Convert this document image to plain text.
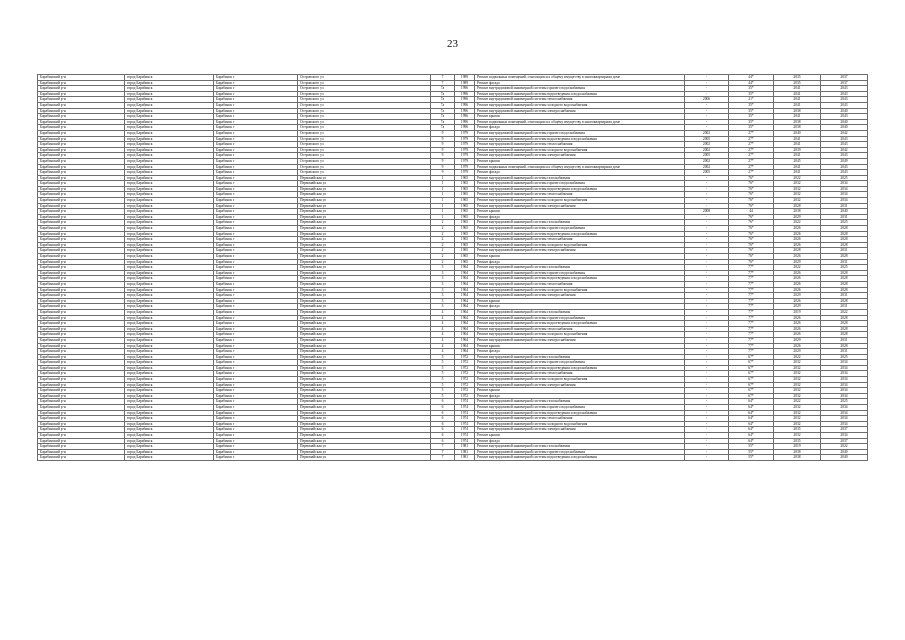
23
Барабинский р-н	город Барабинск	Барабинск г	Островского ул	7	1989	Ремонт подвальных помещений, относящихся к общему имуществу в многоквартирном доме	-	44*	2035	2037
Барабинский р-н	город Барабинск	Барабинск г	Островского ул	7	1989	Ремонт фасада	-	44*	2035	2037
Барабинский р-н	город Барабинск	Барабинск г	Островского ул	7а	1996	Ремонт внутридомовой инженерной системы горячего водоснабжения	-	35*	2041	2043
Барабинский р-н	город Барабинск	Барабинск г	Островского ул	7а	1996	Ремонт внутридомовой инженерной системы водоотведения и водоснабжения	-	35*	2041	2043
Барабинский р-н	город Барабинск	Барабинск г	Островского ул	7а	1996	Ремонт внутридомовой инженерной системы теплоснабжения	2006	21*	2041	2043
Барабинский р-н	город Барабинск	Барабинск г	Островского ул	7а	1996	Ремонт внутридомовой инженерной системы холодного водоснабжения	-	35*	2041	2043
Барабинский р-н	город Барабинск	Барабинск г	Островского ул	7а	1996	Ремонт внутридомовой инженерной системы электроснабжения	-	35*	2038	2040
Барабинский р-н	город Барабинск	Барабинск г	Островского ул	7а	1996	Ремонт крыши	-	35*	2041	2043
Барабинский р-н	город Барабинск	Барабинск г	Островского ул	7а	1996	Ремонт подвальных помещений, относящихся к общему имуществу в многоквартирном доме	-	35*	2038	2040
Барабинский р-н	город Барабинск	Барабинск г	Островского ул	7а	1996	Ремонт фасада	-	35*	2038	2040
Барабинский р-н	город Барабинск	Барабинск г	Островского ул	9	1979	Ремонт внутридомовой инженерной системы горячего водоснабжения	2002	27*	2040	2042
Барабинский р-н	город Барабинск	Барабинск г	Островского ул	9	1979	Ремонт внутридомовой инженерной системы водоотведения и водоснабжения	2005	27*	2041	2043
Барабинский р-н	город Барабинск	Барабинск г	Островского ул	9	1979	Ремонт внутридомовой инженерной системы теплоснабжения	2002	27*	2041	2043
Барабинский р-н	город Барабинск	Барабинск г	Островского ул	9	1979	Ремонт внутридомовой инженерной системы холодного водоснабжения	2002	27*	2039	2042
Барабинский р-н	город Барабинск	Барабинск г	Островского ул	9	1979	Ремонт внутридомовой инженерной системы электроснабжения	2005	27*	2041	2043
Барабинский р-н	город Барабинск	Барабинск г	Островского ул	9	1979	Ремонт крыши	2002	27*	2045	2049
Барабинский р-н	город Барабинск	Барабинск г	Островского ул	9	1979	Ремонт подвальных помещений, относящихся к общему имуществу в многоквартирном доме	2002	27*	2041	2043
Барабинский р-н	город Барабинск	Барабинск г	Островского ул	9	1979	Ремонт фасада	2005	27*	2041	2043
Барабинский р-н	город Барабинск	Барабинск г	Первомайская ул	1	1965	Ремонт внутридомовой инженерной системы газоснабжения	-	76*	2022	2025
Барабинский р-н	город Барабинск	Барабинск г	Первомайская ул	1	1965	Ремонт внутридомовой инженерной системы горячего водоснабжения	-	76*	2032	2034
Барабинский р-н	город Барабинск	Барабинск г	Первомайская ул	1	1965	Ремонт внутридомовой инженерной системы водоотведения и водоснабжения	-	76*	2032	2034
Барабинский р-н	город Барабинск	Барабинск г	Первомайская ул	1	1965	Ремонт внутридомовой инженерной системы теплоснабжения	-	76*	2032	2034
Барабинский р-н	город Барабинск	Барабинск г	Первомайская ул	1	1965	Ремонт внутридомовой инженерной системы холодного водоснабжения	-	76*	2032	2034
Барабинский р-н	город Барабинск	Барабинск г	Первомайская ул	1	1965	Ремонт внутридомовой инженерной системы электроснабжения	-	76*	2028	2031
Барабинский р-н	город Барабинск	Барабинск г	Первомайская ул	1	1965	Ремонт крыши	2008	44	2038	2040
Барабинский р-н	город Барабинск	Барабинск г	Первомайская ул	1	1965	Ремонт фасада	-	76*	2029	2031
Барабинский р-н	город Барабинск	Барабинск г	Первомайская ул	2	1965	Ремонт внутридомовой инженерной системы газоснабжения	-	76*	2022	2025
Барабинский р-н	город Барабинск	Барабинск г	Первомайская ул	2	1965	Ремонт внутридомовой инженерной системы горячего водоснабжения	-	76*	2026	2028
Барабинский р-н	город Барабинск	Барабинск г	Первомайская ул	2	1965	Ремонт внутридомовой инженерной системы водоотведения и водоснабжения	-	76*	2026	2028
Барабинский р-н	город Барабинск	Барабинск г	Первомайская ул	2	1965	Ремонт внутридомовой инженерной системы теплоснабжения	-	76*	2026	2028
Барабинский р-н	город Барабинск	Барабинск г	Первомайская ул	2	1965	Ремонт внутридомовой инженерной системы холодного водоснабжения	-	76*	2026	2028
Барабинский р-н	город Барабинск	Барабинск г	Первомайская ул	2	1965	Ремонт внутридомовой инженерной системы электроснабжения	-	76*	2028	2031
Барабинский р-н	город Барабинск	Барабинск г	Первомайская ул	2	1965	Ремонт крыши	-	76*	2026	2028
Барабинский р-н	город Барабинск	Барабинск г	Первомайская ул	2	1965	Ремонт фасада	-	76*	2029	2031
Барабинский р-н	город Барабинск	Барабинск г	Первомайская ул	3	1964	Ремонт внутридомовой инженерной системы газоснабжения	-	77*	2022	2025
Барабинский р-н	город Барабинск	Барабинск г	Первомайская ул	3	1964	Ремонт внутридомовой инженерной системы горячего водоснабжения	-	77*	2026	2028
Барабинский р-н	город Барабинск	Барабинск г	Первомайская ул	3	1964	Ремонт внутридомовой инженерной системы водоотведения и водоснабжения	-	77*	2026	2028
Барабинский р-н	город Барабинск	Барабинск г	Первомайская ул	3	1964	Ремонт внутридомовой инженерной системы теплоснабжения	-	77*	2026	2028
Барабинский р-н	город Барабинск	Барабинск г	Первомайская ул	3	1964	Ремонт внутридомовой инженерной системы холодного водоснабжения	-	77*	2026	2028
Барабинский р-н	город Барабинск	Барабинск г	Первомайская ул	3	1964	Ремонт внутридомовой инженерной системы электроснабжения	-	77*	2029	2031
Барабинский р-н	город Барабинск	Барабинск г	Первомайская ул	3	1964	Ремонт крыши	-	77*	2026	2028
Барабинский р-н	город Барабинск	Барабинск г	Первомайская ул	3	1964	Ремонт фасада	-	77*	2029	2031
Барабинский р-н	город Барабинск	Барабинск г	Первомайская ул	4	1964	Ремонт внутридомовой инженерной системы газоснабжения	-	77*	2019	2022
Барабинский р-н	город Барабинск	Барабинск г	Первомайская ул	4	1964	Ремонт внутридомовой инженерной системы горячего водоснабжения	-	77*	2026	2028
Барабинский р-н	город Барабинск	Барабинск г	Первомайская ул	4	1964	Ремонт внутридомовой инженерной системы водоотведения и водоснабжения	-	77*	2026	2028
Барабинский р-н	город Барабинск	Барабинск г	Первомайская ул	4	1964	Ремонт внутридомовой инженерной системы теплоснабжения	-	77*	2026	2028
Барабинский р-н	город Барабинск	Барабинск г	Первомайская ул	4	1964	Ремонт внутридомовой инженерной системы холодного водоснабжения	-	77*	2026	2028
Барабинский р-н	город Барабинск	Барабинск г	Первомайская ул	4	1964	Ремонт внутридомовой инженерной системы электроснабжения	-	77*	2029	2031
Барабинский р-н	город Барабинск	Барабинск г	Первомайская ул	4	1964	Ремонт крыши	-	77*	2026	2028
Барабинский р-н	город Барабинск	Барабинск г	Первомайская ул	4	1964	Ремонт фасада	-	77*	2029	2031
Барабинский р-н	город Барабинск	Барабинск г	Первомайская ул	5	1972	Ремонт внутридомовой инженерной системы газоснабжения	-	67*	2022	2025
Барабинский р-н	город Барабинск	Барабинск г	Первомайская ул	5	1972	Ремонт внутридомовой инженерной системы горячего водоснабжения	-	67*	2032	2034
Барабинский р-н	город Барабинск	Барабинск г	Первомайская ул	5	1972	Ремонт внутридомовой инженерной системы водоотведения и водоснабжения	-	67*	2032	2034
Барабинский р-н	город Барабинск	Барабинск г	Первомайская ул	5	1972	Ремонт внутридомовой инженерной системы теплоснабжения	-	67*	2032	2034
Барабинский р-н	город Барабинск	Барабинск г	Первомайская ул	5	1972	Ремонт внутридомовой инженерной системы холодного водоснабжения	-	67*	2032	2034
Барабинский р-н	город Барабинск	Барабинск г	Первомайская ул	5	1972	Ремонт внутридомовой инженерной системы электроснабжения	-	67*	2032	2034
Барабинский р-н	город Барабинск	Барабинск г	Первомайская ул	5	1972	Ремонт крыши	-	67*	2032	2034
Барабинский р-н	город Барабинск	Барабинск г	Первомайская ул	5	1972	Ремонт фасада	-	67*	2032	2034
Барабинский р-н	город Барабинск	Барабинск г	Первомайская ул	6	1974	Ремонт внутридомовой инженерной системы газоснабжения	-	64*	2022	2025
Барабинский р-н	город Барабинск	Барабинск г	Первомайская ул	6	1974	Ремонт внутридомовой инженерной системы горячего водоснабжения	-	64*	2032	2034
Барабинский р-н	город Барабинск	Барабинск г	Первомайская ул	6	1974	Ремонт внутридомовой инженерной системы водоотведения и водоснабжения	-	64*	2032	2034
Барабинский р-н	город Барабинск	Барабинск г	Первомайская ул	6	1974	Ремонт внутридомовой инженерной системы теплоснабжения	-	64*	2032	2034
Барабинский р-н	город Барабинск	Барабинск г	Первомайская ул	6	1974	Ремонт внутридомовой инженерной системы холодного водоснабжения	-	64*	2032	2034
Барабинский р-н	город Барабинск	Барабинск г	Первомайская ул	6	1974	Ремонт внутридомовой инженерной системы электроснабжения	-	64*	2035	2037
Барабинский р-н	город Барабинск	Барабинск г	Первомайская ул	6	1974	Ремонт крыши	-	64*	2032	2034
Барабинский р-н	город Барабинск	Барабинск г	Первомайская ул	6	1974	Ремонт фасада	-	64*	2035	2037
Барабинский р-н	город Барабинск	Барабинск г	Первомайская ул	7	1981	Ремонт внутридомовой инженерной системы газоснабжения	-	55*	2019	2022
Барабинский р-н	город Барабинск	Барабинск г	Первомайская ул	7	1981	Ремонт внутридомовой инженерной системы горячего водоснабжения	-	55*	2038	2040
Барабинский р-н	город Барабинск	Барабинск г	Первомайская ул	7	1981	Ремонт внутридомовой инженерной системы водоотведения и водоснабжения	-	55*	2038	2040
